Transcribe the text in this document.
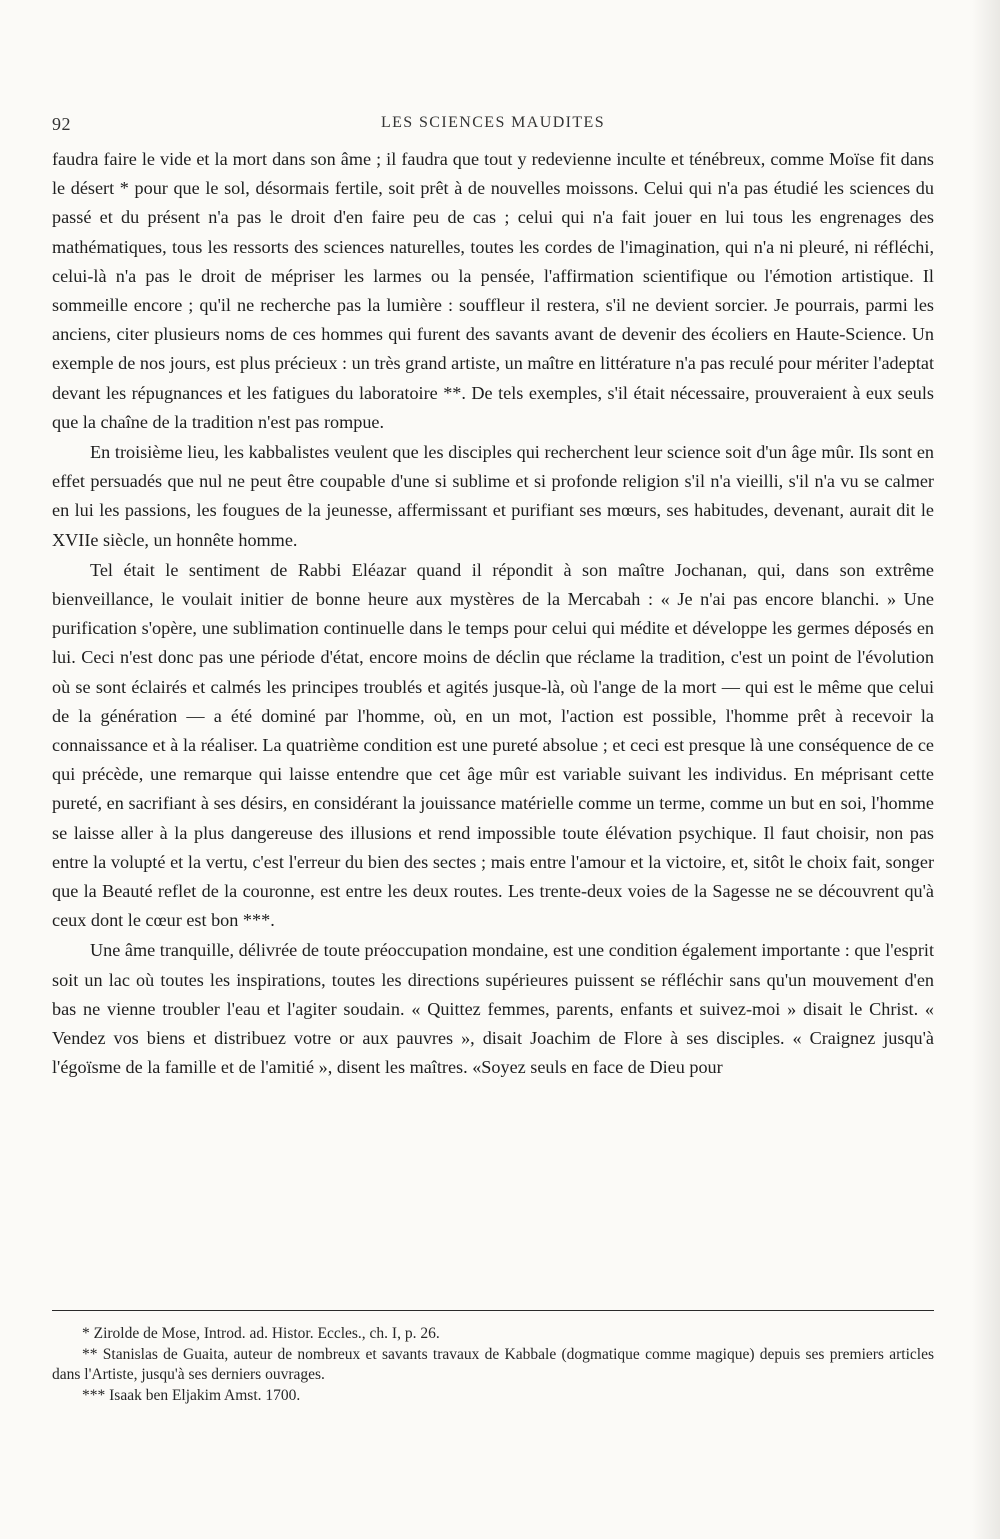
92	LES SCIENCES MAUDITES

faudra faire le vide et la mort dans son âme ; il faudra que tout y redevienne inculte et ténébreux, comme Moïse fit dans le désert * pour que le sol, désormais fertile, soit prêt à de nouvelles moissons. Celui qui n'a pas étudié les sciences du passé et du présent n'a pas le droit d'en faire peu de cas ; celui qui n'a fait jouer en lui tous les engrenages des mathématiques, tous les ressorts des sciences naturelles, toutes les cordes de l'imagination, qui n'a ni pleuré, ni réfléchi, celui-là n'a pas le droit de mépriser les larmes ou la pensée, l'affirmation scientifique ou l'émotion artistique. Il sommeille encore ; qu'il ne recherche pas la lumière : souffleur il restera, s'il ne devient sorcier. Je pourrais, parmi les anciens, citer plusieurs noms de ces hommes qui furent des savants avant de devenir des écoliers en Haute-Science. Un exemple de nos jours, est plus précieux : un très grand artiste, un maître en littérature n'a pas reculé pour mériter l'adeptat devant les répugnances et les fatigues du laboratoire **. De tels exemples, s'il était nécessaire, prouveraient à eux seuls que la chaîne de la tradition n'est pas rompue.

En troisième lieu, les kabbalistes veulent que les disciples qui recherchent leur science soit d'un âge mûr. Ils sont en effet persuadés que nul ne peut être coupable d'une si sublime et si profonde religion s'il n'a vieilli, s'il n'a vu se calmer en lui les passions, les fougues de la jeunesse, affermissant et purifiant ses mœurs, ses habitudes, devenant, aurait dit le XVIIe siècle, un honnête homme.

Tel était le sentiment de Rabbi Eléazar quand il répondit à son maître Jochanan, qui, dans son extrême bienveillance, le voulait initier de bonne heure aux mystères de la Mercabah : « Je n'ai pas encore blanchi. » Une purification s'opère, une sublimation continuelle dans le temps pour celui qui médite et développe les germes déposés en lui. Ceci n'est donc pas une période d'état, encore moins de déclin que réclame la tradition, c'est un point de l'évolution où se sont éclairés et calmés les principes troublés et agités jusque-là, où l'ange de la mort — qui est le même que celui de la génération — a été dominé par l'homme, où, en un mot, l'action est possible, l'homme prêt à recevoir la connaissance et à la réaliser. La quatrième condition est une pureté absolue ; et ceci est presque là une conséquence de ce qui précède, une remarque qui laisse entendre que cet âge mûr est variable suivant les individus. En méprisant cette pureté, en sacrifiant à ses désirs, en considérant la jouissance matérielle comme un terme, comme un but en soi, l'homme se laisse aller à la plus dangereuse des illusions et rend impossible toute élévation psychique. Il faut choisir, non pas entre la volupté et la vertu, c'est l'erreur du bien des sectes ; mais entre l'amour et la victoire, et, sitôt le choix fait, songer que la Beauté reflet de la couronne, est entre les deux routes. Les trente-deux voies de la Sagesse ne se découvrent qu'à ceux dont le cœur est bon ***.

Une âme tranquille, délivrée de toute préoccupation mondaine, est une condition également importante : que l'esprit soit un lac où toutes les inspirations, toutes les directions supérieures puissent se réfléchir sans qu'un mouvement d'en bas ne vienne troubler l'eau et l'agiter soudain. « Quittez femmes, parents, enfants et suivez-moi » disait le Christ. « Vendez vos biens et distribuez votre or aux pauvres », disait Joachim de Flore à ses disciples. « Craignez jusqu'à l'égoïsme de la famille et de l'amitié », disent les maîtres. «Soyez seuls en face de Dieu pour

* Zirolde de Mose, Introd. ad. Histor. Eccles., ch. I, p. 26.

** Stanislas de Guaita, auteur de nombreux et savants travaux de Kabbale (dogmatique comme magique) depuis ses premiers articles dans l'Artiste, jusqu'à ses derniers ouvrages.

*** Isaak ben Eljakim Amst. 1700.
